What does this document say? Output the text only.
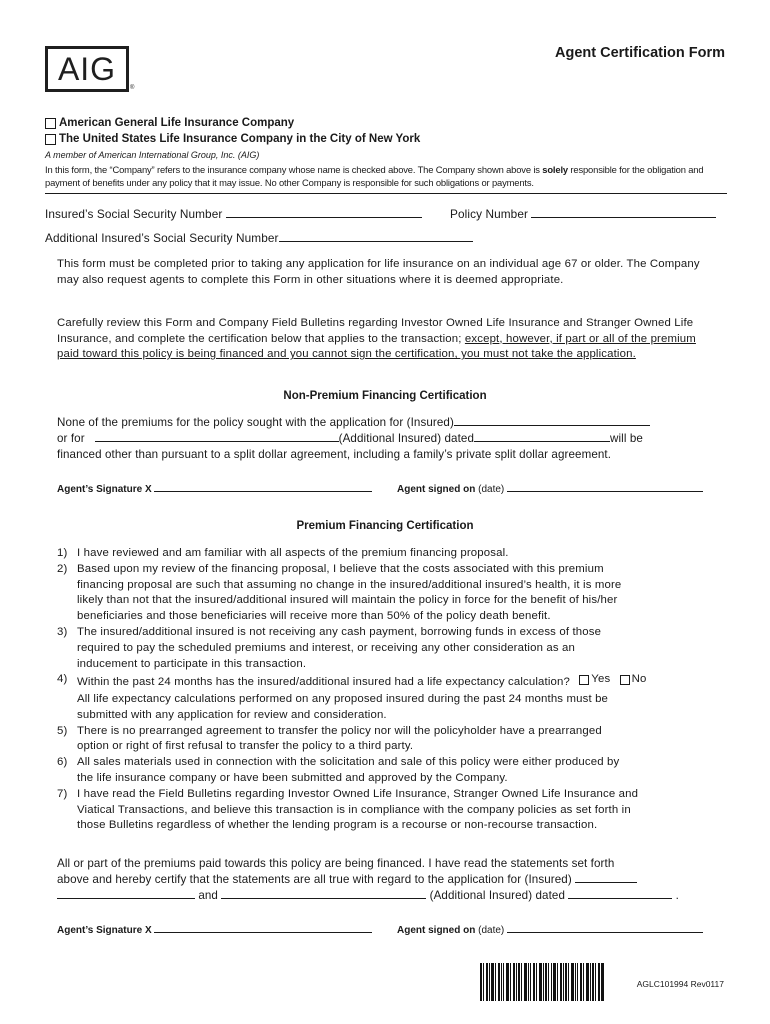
AIG
®
Agent Certification Form
American General Life Insurance Company
The United States Life Insurance Company in the City of New York
A member of American International Group, Inc. (AIG)
In this form, the “Company” refers to the insurance company whose name is checked above. The Company shown above is solely responsible for the obligation and payment of benefits under any policy that it may issue. No other Company is responsible for such obligations or payments.
Insured’s Social Security Number	Policy Number
Additional Insured’s Social Security Number
This form must be completed prior to taking any application for life insurance on an individual age 67 or older. The Company may also request agents to complete this Form in other situations where it is deemed appropriate.
Carefully review this Form and Company Field Bulletins regarding Investor Owned Life Insurance and Stranger Owned Life Insurance, and complete the certification below that applies to the transaction; except, however, if part or all of the premium paid toward this policy is being financed and you cannot sign the certification, you must not take the application.
Non-Premium Financing Certification
None of the premiums for the policy sought with the application for (Insured)
or for	(Additional Insured) dated	will be
financed other than pursuant to a split dollar agreement, including a family’s private split dollar agreement.
Agent’s Signature X	Agent signed on (date)
Premium Financing Certification
1) I have reviewed and am familiar with all aspects of the premium financing proposal.
2) Based upon my review of the financing proposal, I believe that the costs associated with this premium
financing proposal are such that assuming no change in the insured/additional insured’s health, it is more
likely than not that the insured/additional insured will maintain the policy in force for the benefit of his/her
beneficiaries and those beneficiaries will receive more than 50% of the policy death benefit.
3) The insured/additional insured is not receiving any cash payment, borrowing funds in excess of those
required to pay the scheduled premiums and interest, or receiving any other consideration as an
inducement to participate in this transaction.
4) Within the past 24 months has the insured/additional insured had a life expectancy calculation? Yes
No
All life expectancy calculations performed on any proposed insured during the past 24 months must be
submitted with any application for review and consideration.
5) There is no prearranged agreement to transfer the policy nor will the policyholder have a prearranged
option or right of first refusal to transfer the policy to a third party.
6) All sales materials used in connection with the solicitation and sale of this policy were either produced by
the life insurance company or have been submitted and approved by the Company.
7) I have read the Field Bulletins regarding Investor Owned Life Insurance, Stranger Owned Life Insurance and
Viatical Transactions, and believe this transaction is in compliance with the company policies as set forth in
those Bulletins regardless of whether the lending program is a recourse or non-recourse transaction.
All or part of the premiums paid towards this policy are being financed. I have read the statements set forth
above and hereby certify that the statements are all true with regard to the application for (Insured)
and	(Additional Insured) dated	.
Agent’s Signature X	Agent signed on (date)
AGLC101994 Rev0117
